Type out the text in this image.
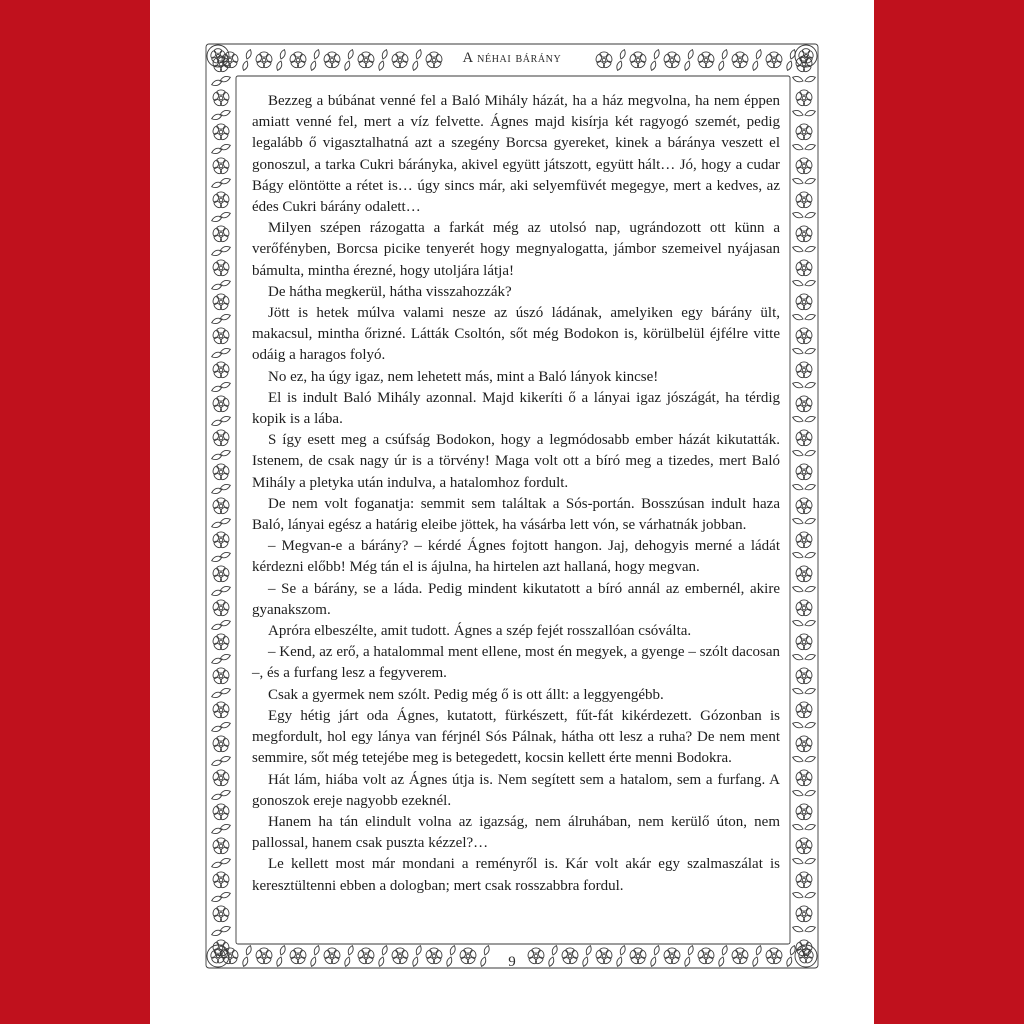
A néhai bárány

Bezzeg a búbánat venné fel a Baló Mihály házát, ha a ház megvolna, ha nem éppen amiatt venné fel, mert a víz felvette. Ágnes majd kisírja két ragyogó szemét, pedig legalább ő vigasztalhatná azt a szegény Borcsa gyereket, kinek a báránya veszett el gonoszul, a tarka Cukri bárányka, akivel együtt játszott, együtt hált… Jó, hogy a cudar Bágy elöntötte a rétet is… úgy sincs már, aki selyemfüvét megegye, mert a kedves, az édes Cukri bárány odalett…

Milyen szépen rázogatta a farkát még az utolsó nap, ugrándozott ott künn a verőfényben, Borcsa picike tenyerét hogy megnyalogatta, jámbor szemeivel nyájasan bámulta, mintha érezné, hogy utoljára látja!

De hátha megkerül, hátha visszahozzák?

Jött is hetek múlva valami nesze az úszó ládának, amelyiken egy bárány ült, makacsul, mintha őrizné. Látták Csoltón, sőt még Bodokon is, körülbelül éjfélre vitte odáig a haragos folyó.

No ez, ha úgy igaz, nem lehetett más, mint a Baló lányok kincse!

El is indult Baló Mihály azonnal. Majd kikeríti ő a lányai igaz jószágát, ha térdig kopik is a lába.

S így esett meg a csúfság Bodokon, hogy a legmódosabb ember házát kikutatták. Istenem, de csak nagy úr is a törvény! Maga volt ott a bíró meg a tizedes, mert Baló Mihály a pletyka után indulva, a hatalomhoz fordult.

De nem volt foganatja: semmit sem találtak a Sós-portán. Bosszúsan indult haza Baló, lányai egész a határig eleibe jöttek, ha vásárba lett vón, se várhatnák jobban.

– Megvan-e a bárány? – kérdé Ágnes fojtott hangon. Jaj, dehogyis merné a ládát kérdezni előbb! Még tán el is ájulna, ha hirtelen azt hallaná, hogy megvan.

– Se a bárány, se a láda. Pedig mindent kikutatott a bíró annál az embernél, akire gyanakszom.

Apróra elbeszélte, amit tudott. Ágnes a szép fejét rosszallóan csóválta.

– Kend, az erő, a hatalommal ment ellene, most én megyek, a gyenge – szólt dacosan –, és a furfang lesz a fegyverem.

Csak a gyermek nem szólt. Pedig még ő is ott állt: a leggyengébb.

Egy hétig járt oda Ágnes, kutatott, fürkészett, fűt-fát kikérdezett. Gózonban is megfordult, hol egy lánya van férjnél Sós Pálnak, hátha ott lesz a ruha? De nem ment semmire, sőt még tetejébe meg is betegedett, kocsin kellett érte menni Bodokra.

Hát lám, hiába volt az Ágnes útja is. Nem segített sem a hatalom, sem a furfang. A gonoszok ereje nagyobb ezeknél.

Hanem ha tán elindult volna az igazság, nem álruhában, nem kerülő úton, nem pallossal, hanem csak puszta kézzel?…

Le kellett most már mondani a reményről is. Kár volt akár egy szalmaszálat is keresztültenni ebben a dologban; mert csak rosszabbra fordul.

9
